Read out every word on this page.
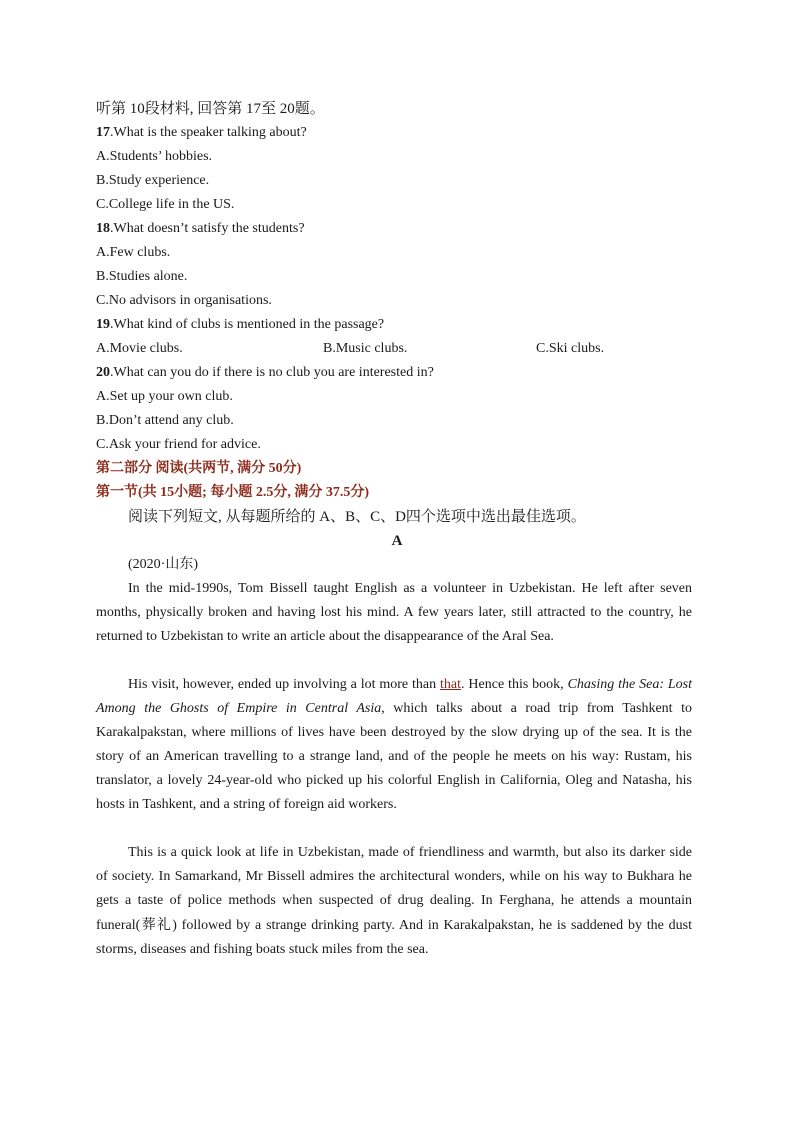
听第 10段材料, 回答第 17至 20题。
17.What is the speaker talking about?
A.Students’ hobbies.
B.Study experience.
C.College life in the US.
18.What doesn’t satisfy the students?
A.Few clubs.
B.Studies alone.
C.No advisors in organisations.
19.What kind of clubs is mentioned in the passage?
A.Movie clubs.	B.Music clubs.	C.Ski clubs.
20.What can you do if there is no club you are interested in?
A.Set up your own club.
B.Don’t attend any club.
C.Ask your friend for advice.
第二部分 阅读(共两节, 满分 50分)
第一节(共 15小题; 每小题 2.5分, 满分 37.5分)
阅读下列短文, 从每题所给的 A、B、C、D四个选项中选出最佳选项。
A
(2020·山东)

In the mid-1990s, Tom Bissell taught English as a volunteer in Uzbekistan. He left after seven months, physically broken and having lost his mind. A few years later, still attracted to the country, he returned to Uzbekistan to write an article about the disappearance of the Aral Sea.

His visit, however, ended up involving a lot more than that. Hence this book, Chasing the Sea: Lost Among the Ghosts of Empire in Central Asia, which talks about a road trip from Tashkent to Karakalpakstan, where millions of lives have been destroyed by the slow drying up of the sea. It is the story of an American travelling to a strange land, and of the people he meets on his way: Rustam, his translator, a lovely 24-year-old who picked up his colorful English in California, Oleg and Natasha, his hosts in Tashkent, and a string of foreign aid workers.

This is a quick look at life in Uzbekistan, made of friendliness and warmth, but also its darker side of society. In Samarkand, Mr Bissell admires the architectural wonders, while on his way to Bukhara he gets a taste of police methods when suspected of drug dealing. In Ferghana, he attends a mountain funeral(葬礼) followed by a strange drinking party. And in Karakalpakstan, he is saddened by the dust storms, diseases and fishing boats stuck miles from the sea.
